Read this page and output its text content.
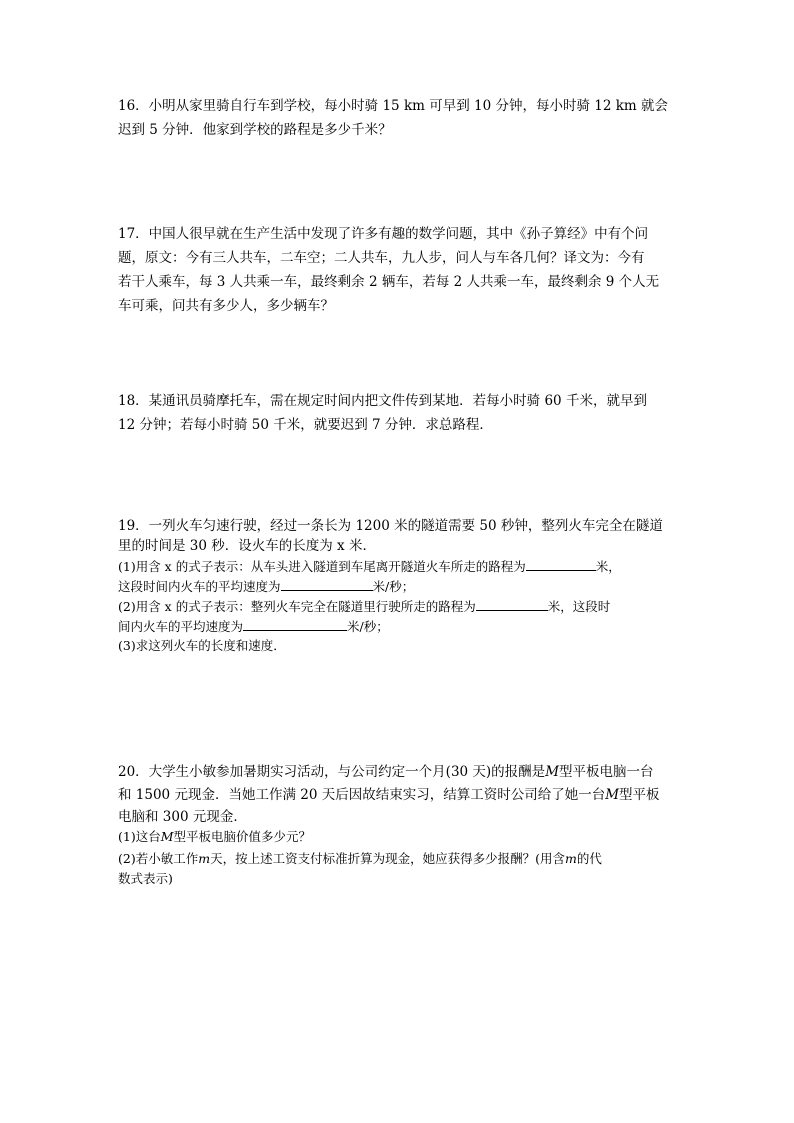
16．小明从家里骑自行车到学校，每小时骑 15 km 可早到 10 分钟，每小时骑 12 km 就会
迟到 5 分钟．他家到学校的路程是多少千米？
17．中国人很早就在生产生活中发现了许多有趣的数学问题，其中《孙子算经》中有个问
题，原文：今有三人共车，二车空；二人共车，九人步，问人与车各几何？译文为：今有
若干人乘车，每 3 人共乘一车，最终剩余 2 辆车，若每 2 人共乘一车，最终剩余 9 个人无
车可乘，问共有多少人，多少辆车？
18．某通讯员骑摩托车，需在规定时间内把文件传到某地．若每小时骑 60 千米，就早到
12 分钟；若每小时骑 50 千米，就要迟到 7 分钟．求总路程．
19．一列火车匀速行驶，经过一条长为 1200 米的隧道需要 50 秒钟，整列火车完全在隧道
里的时间是 30 秒．设火车的长度为 x 米．
(1)用含 x 的式子表示：从车头进入隧道到车尾离开隧道火车所走的路程为	米，
这段时间内火车的平均速度为	米/秒；
(2)用含 x 的式子表示：整列火车完全在隧道里行驶所走的路程为	米，这段时
间内火车的平均速度为	米/秒；
(3)求这列火车的长度和速度．
20．大学生小敏参加暑期实习活动，与公司约定一个月(30 天)的报酬是M型平板电脑一台
和 1500 元现金．当她工作满 20 天后因故结束实习，结算工资时公司给了她一台M型平板
电脑和 300 元现金．
(1)这台M型平板电脑价值多少元？
(2)若小敏工作m天，按上述工资支付标准折算为现金，她应获得多少报酬？(用含m的代
数式表示)
